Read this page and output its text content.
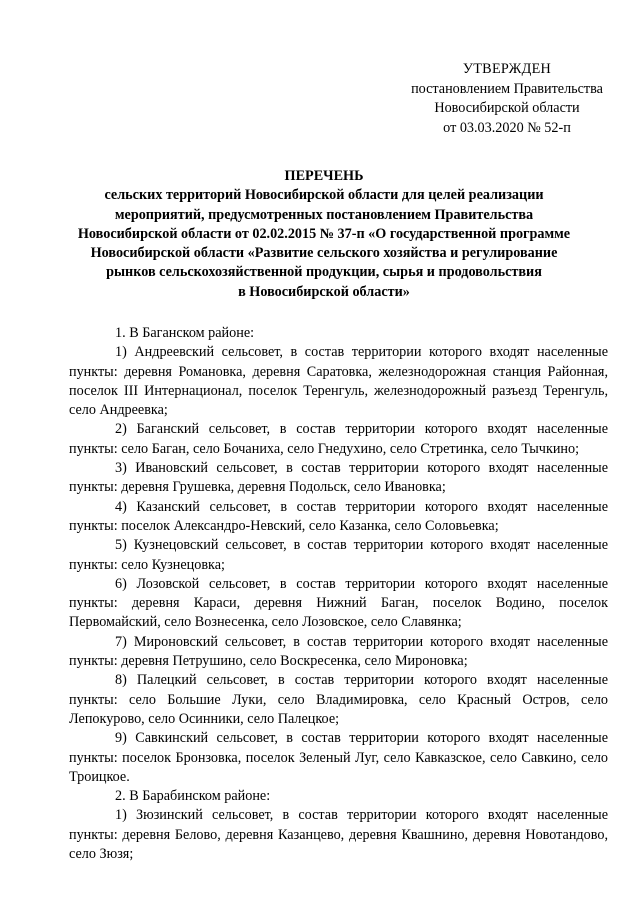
УТВЕРЖДЕН
постановлением Правительства
Новосибирской области
от 03.03.2020 № 52-п
ПЕРЕЧЕНЬ
сельских территорий Новосибирской области для целей реализации
мероприятий, предусмотренных постановлением Правительства
Новосибирской области от 02.02.2015 № 37-п «О государственной программе
Новосибирской области «Развитие сельского хозяйства и регулирование
рынков сельскохозяйственной продукции, сырья и продовольствия
в Новосибирской области»

1. В Баганском районе:

1) Андреевский сельсовет, в состав территории которого входят населенные пункты: деревня Романовка, деревня Саратовка, железнодорожная станция Районная, поселок III Интернационал, поселок Теренгуль, железнодорожный разъезд Теренгуль, село Андреевка;

2) Баганский сельсовет, в состав территории которого входят населенные пункты: село Баган, село Бочаниха, село Гнедухино, село Стретинка, село Тычкино;

3) Ивановский сельсовет, в состав территории которого входят населенные пункты: деревня Грушевка, деревня Подольск, село Ивановка;

4) Казанский сельсовет, в состав территории которого входят населенные пункты: поселок Александро-Невский, село Казанка, село Соловьевка;

5) Кузнецовский сельсовет, в состав территории которого входят населенные пункты: село Кузнецовка;

6) Лозовской сельсовет, в состав территории которого входят населенные пункты: деревня Караси, деревня Нижний Баган, поселок Водино, поселок Первомайский, село Вознесенка, село Лозовское, село Славянка;

7) Мироновский сельсовет, в состав территории которого входят населенные пункты: деревня Петрушино, село Воскресенка, село Мироновка;

8) Палецкий сельсовет, в состав территории которого входят населенные пункты: село Большие Луки, село Владимировка, село Красный Остров, село Лепокурово, село Осинники, село Палецкое;

9) Савкинский сельсовет, в состав территории которого входят населенные пункты: поселок Бронзовка, поселок Зеленый Луг, село Кавказское, село Савкино, село Троицкое.

2. В Барабинском районе:

1) Зюзинский сельсовет, в состав территории которого входят населенные пункты: деревня Белово, деревня Казанцево, деревня Квашнино, деревня Новотандово, село Зюзя;
